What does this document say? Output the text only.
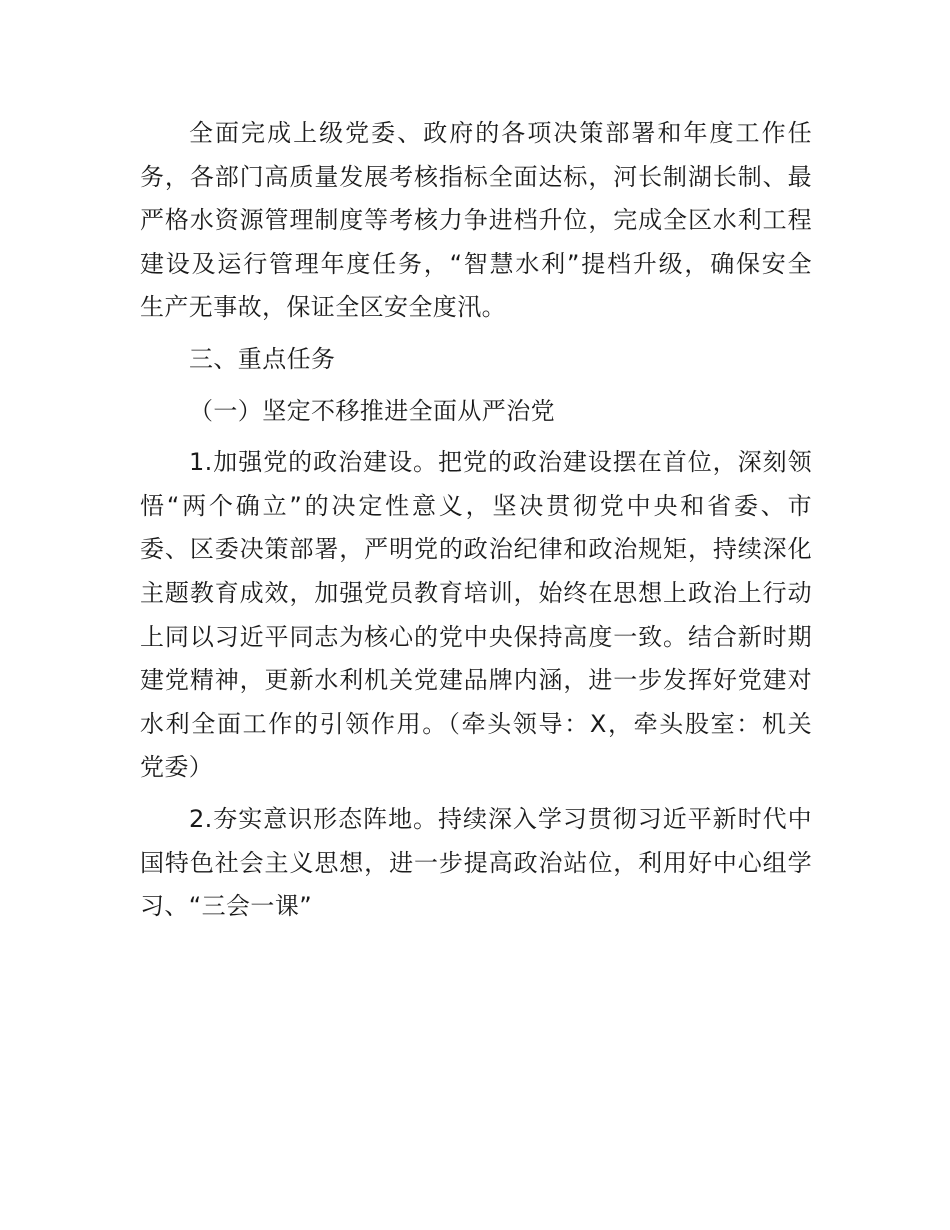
全面完成上级党委、政府的各项决策部署和年度工作任
务，各部门高质量发展考核指标全面达标，河长制湖长制、最
严格水资源管理制度等考核力争进档升位，完成全区水利工程
建设及运行管理年度任务，“智慧水利”提档升级，确保安全
生产无事故，保证全区安全度汛。
三、重点任务
（一）坚定不移推进全面从严治党
1.加强党的政治建设。把党的政治建设摆在首位，深刻领
悟“两个确立”的决定性意义，坚决贯彻党中央和省委、市
委、区委决策部署，严明党的政治纪律和政治规矩，持续深化
主题教育成效，加强党员教育培训，始终在思想上政治上行动
上同以习近平同志为核心的党中央保持高度一致。结合新时期
建党精神，更新水利机关党建品牌内涵，进一步发挥好党建对
水利全面工作的引领作用。（牵头领导：X，牵头股室：机关
党委）
2.夯实意识形态阵地。持续深入学习贯彻习近平新时代中
国特色社会主义思想，进一步提高政治站位，利用好中心组学
习、“三会一课”
